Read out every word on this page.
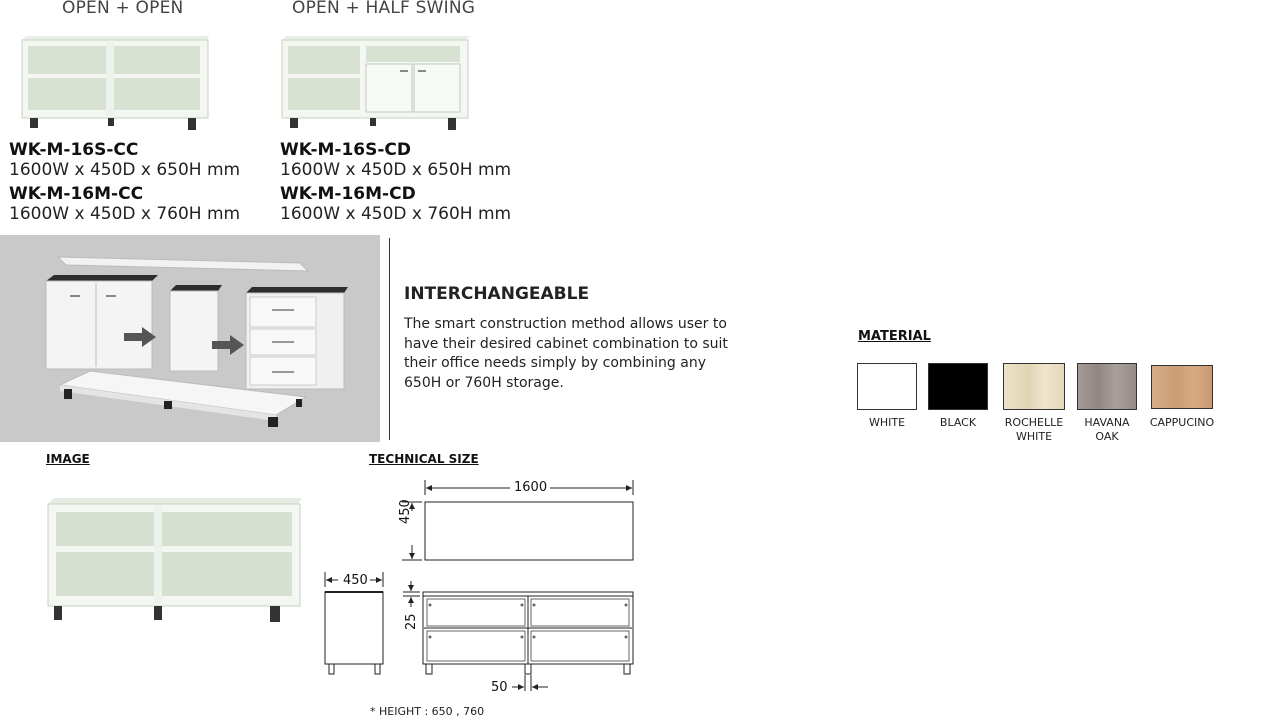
OPEN + OPEN	OPEN + HALF SWING
WK-M-16S-CC
1600W x 450D x 650H mm
WK-M-16M-CC
1600W x 450D x 760H mm
WK-M-16S-CD
1600W x 450D x 650H mm
WK-M-16M-CD
1600W x 450D x 760H mm
INTERCHANGEABLE
The smart construction method allows user to
have their desired cabinet combination to suit
their office needs simply by combining any
650H or 760H storage.
IMAGE	TECHNICAL SIZE
1600
450
450
25
50
* HEIGHT : 650 , 760
MATERIAL
WHITE	BLACK	ROCHELLE
WHITE
HAVANA
OAK
CAPPUCINO
